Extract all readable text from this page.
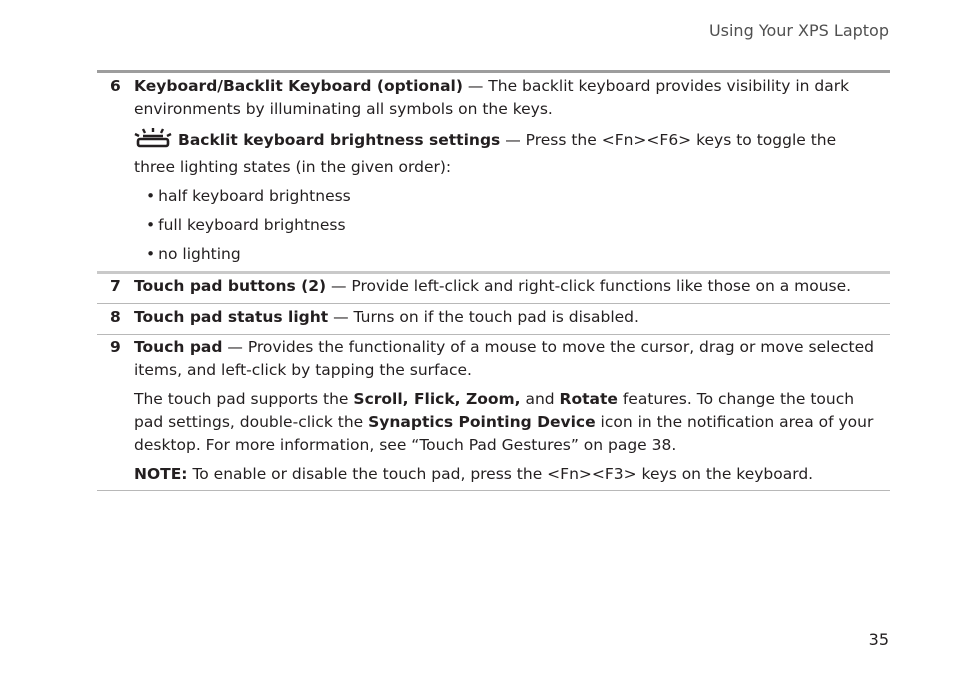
Using Your XPS Laptop
6 Keyboard/Backlit Keyboard (optional) — The backlit keyboard provides visibility in dark environments by illuminating all symbols on the keys.

Backlit keyboard brightness settings — Press the <Fn><F6> keys to toggle the three lighting states (in the given order):

• half keyboard brightness

• full keyboard brightness

• no lighting

7 Touch pad buttons (2) — Provide left-click and right-click functions like those on a mouse.

8 Touch pad status light — Turns on if the touch pad is disabled.

9 Touch pad — Provides the functionality of a mouse to move the cursor, drag or move selected items, and left-click by tapping the surface.

The touch pad supports the Scroll, Flick, Zoom, and Rotate features. To change the touch pad settings, double-click the Synaptics Pointing Device icon in the notification area of your desktop. For more information, see “Touch Pad Gestures” on page 38.

NOTE: To enable or disable the touch pad, press the <Fn><F3> keys on the keyboard.

35
